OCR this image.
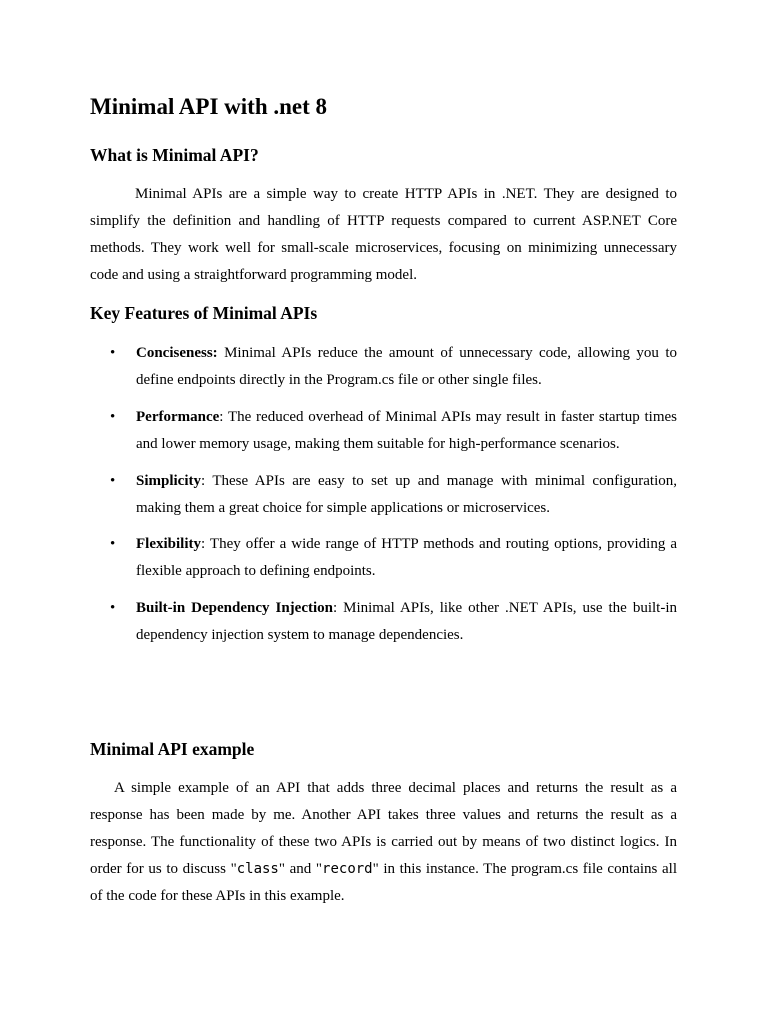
Minimal API with .net 8
What is Minimal API?

Minimal APIs are a simple way to create HTTP APIs in .NET. They are designed to simplify the definition and handling of HTTP requests compared to current ASP.NET Core methods. They work well for small-scale microservices, focusing on minimizing unnecessary code and using a straightforward programming model.

Key Features of Minimal APIs
• Conciseness: Minimal APIs reduce the amount of unnecessary code, allowing you to define endpoints directly in the Program.cs file or other single files.

• Performance: The reduced overhead of Minimal APIs may result in faster startup times and lower memory usage, making them suitable for high-performance scenarios.

• Simplicity: These APIs are easy to set up and manage with minimal configuration, making them a great choice for simple applications or microservices.

• Flexibility: They offer a wide range of HTTP methods and routing options, providing a flexible approach to defining endpoints.

• Built-in Dependency Injection: Minimal APIs, like other .NET APIs, use the built-in dependency injection system to manage dependencies.

Minimal API example

A simple example of an API that adds three decimal places and returns the result as a response has been made by me. Another API takes three values and returns the result as a response. The functionality of these two APIs is carried out by means of two distinct logics. In order for us to discuss "class" and "record" in this instance. The program.cs file contains all of the code for these APIs in this example.
